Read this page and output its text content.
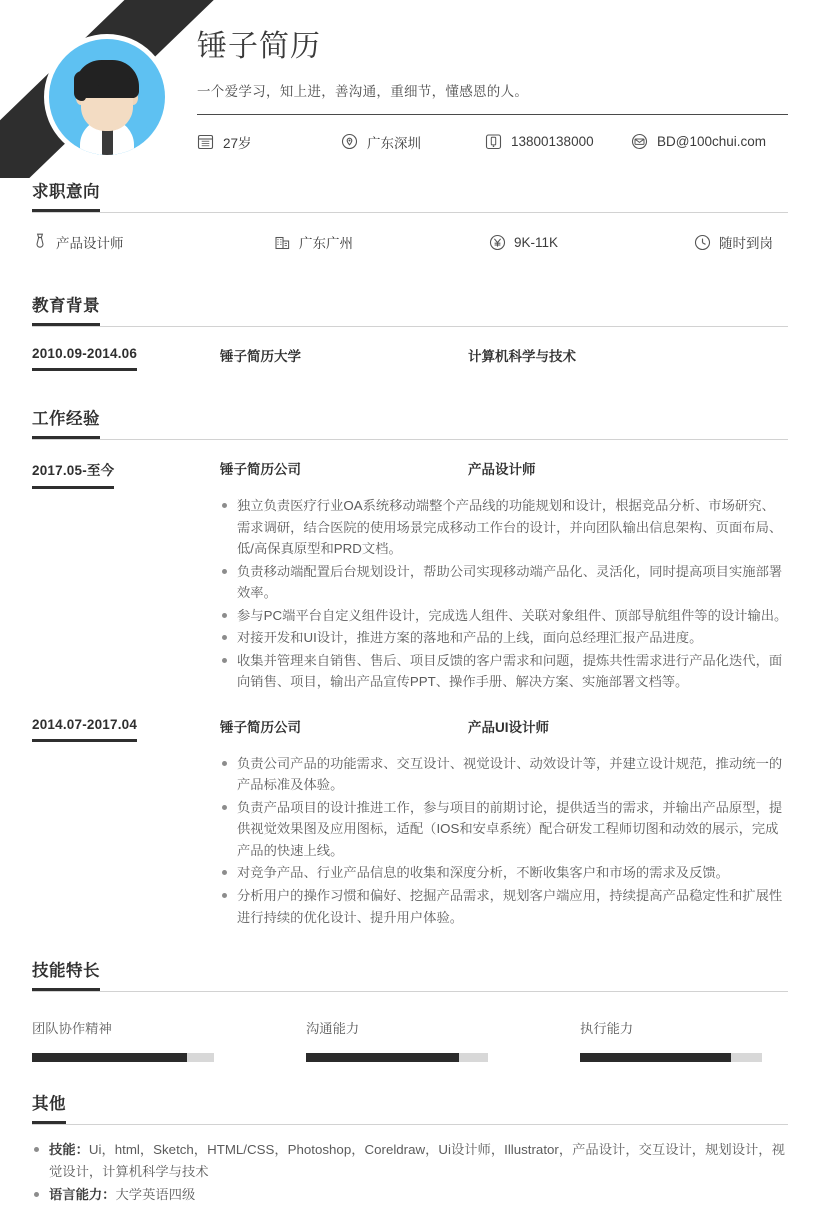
锤子简历
一个爱学习，知上进，善沟通，重细节，懂感恩的人。
27岁	广东深圳	13800138000	BD@100chui.com
求职意向
产品设计师	广东广州	9K-11K	随时到岗
教育背景
2010.09-2014.06	锤子简历大学	计算机科学与技术
工作经验
2017.05-至今	锤子简历公司	产品设计师
独立负责医疗行业OA系统移动端整个产品线的功能规划和设计，根据竞品分析、市场研究、需求调研，结合医院的使用场景完成移动工作台的设计，并向团队输出信息架构、页面布局、低/高保真原型和PRD文档。
负责移动端配置后台规划设计，帮助公司实现移动端产品化、灵活化，同时提高项目实施部署效率。
参与PC端平台自定义组件设计，完成选人组件、关联对象组件、顶部导航组件等的设计输出。
对接开发和UI设计，推进方案的落地和产品的上线，面向总经理汇报产品进度。
收集并管理来自销售、售后、项目反馈的客户需求和问题，提炼共性需求进行产品化迭代，面向销售、项目，输出产品宣传PPT、操作手册、解决方案、实施部署文档等。
2014.07-2017.04	锤子简历公司	产品UI设计师
负责公司产品的功能需求、交互设计、视觉设计、动效设计等，并建立设计规范，推动统一的产品标准及体验。
负责产品项目的设计推进工作，参与项目的前期讨论，提供适当的需求，并输出产品原型，提供视觉效果图及应用图标，适配（IOS和安卓系统）配合研发工程师切图和动效的展示，完成产品的快速上线。
对竞争产品、行业产品信息的收集和深度分析，不断收集客户和市场的需求及反馈。
分析用户的操作习惯和偏好、挖掘产品需求，规划客户端应用，持续提高产品稳定性和扩展性进行持续的优化设计、提升用户体验。
技能特长
团队协作精神	沟通能力	执行能力
其他
技能：Ui，html，Sketch，HTML/CSS，Photoshop，Coreldraw，Ui设计师，Illustrator，产品设计，交互设计，规划设计，视觉设计，计算机科学与技术
语言能力：大学英语四级
